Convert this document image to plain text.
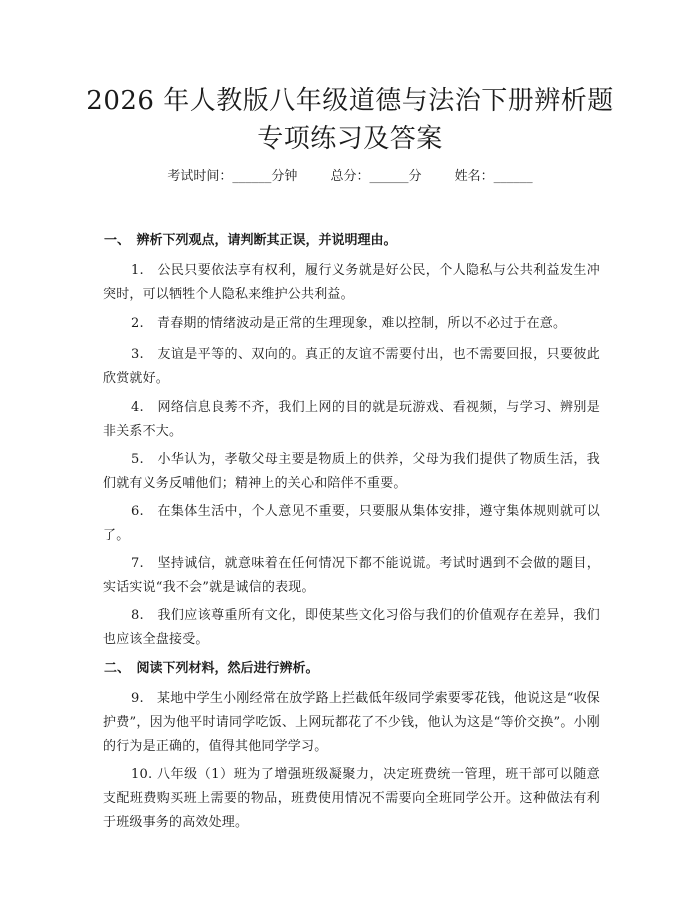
2026 年人教版八年级道德与法治下册辨析题
专项练习及答案
考试时间：______分钟	总分：______分	姓名：______
一、　辨析下列观点，请判断其正误，并说明理由。
1.　公民只要依法享有权利，履行义务就是好公民，个人隐私与公共利益发生冲突时，可以牺牲个人隐私来维护公共利益。
2.　青春期的情绪波动是正常的生理现象，难以控制，所以不必过于在意。
3.　友谊是平等的、双向的。真正的友谊不需要付出，也不需要回报，只要彼此欣赏就好。
4.　网络信息良莠不齐，我们上网的目的就是玩游戏、看视频，与学习、辨别是非关系不大。
5.　小华认为，孝敬父母主要是物质上的供养，父母为我们提供了物质生活，我们就有义务反哺他们；精神上的关心和陪伴不重要。
6.　在集体生活中，个人意见不重要，只要服从集体安排，遵守集体规则就可以了。
7.　坚持诚信，就意味着在任何情况下都不能说谎。考试时遇到不会做的题目，实话实说“我不会”就是诚信的表现。
8.　我们应该尊重所有文化，即使某些文化习俗与我们的价值观存在差异，我们也应该全盘接受。
二、　阅读下列材料，然后进行辨析。
9.　某地中学生小刚经常在放学路上拦截低年级同学索要零花钱，他说这是“收保护费”，因为他平时请同学吃饭、上网玩都花了不少钱，他认为这是“等价交换”。小刚的行为是正确的，值得其他同学学习。
10. 八年级（1）班为了增强班级凝聚力，决定班费统一管理，班干部可以随意支配班费购买班上需要的物品，班费使用情况不需要向全班同学公开。这种做法有利于班级事务的高效处理。
